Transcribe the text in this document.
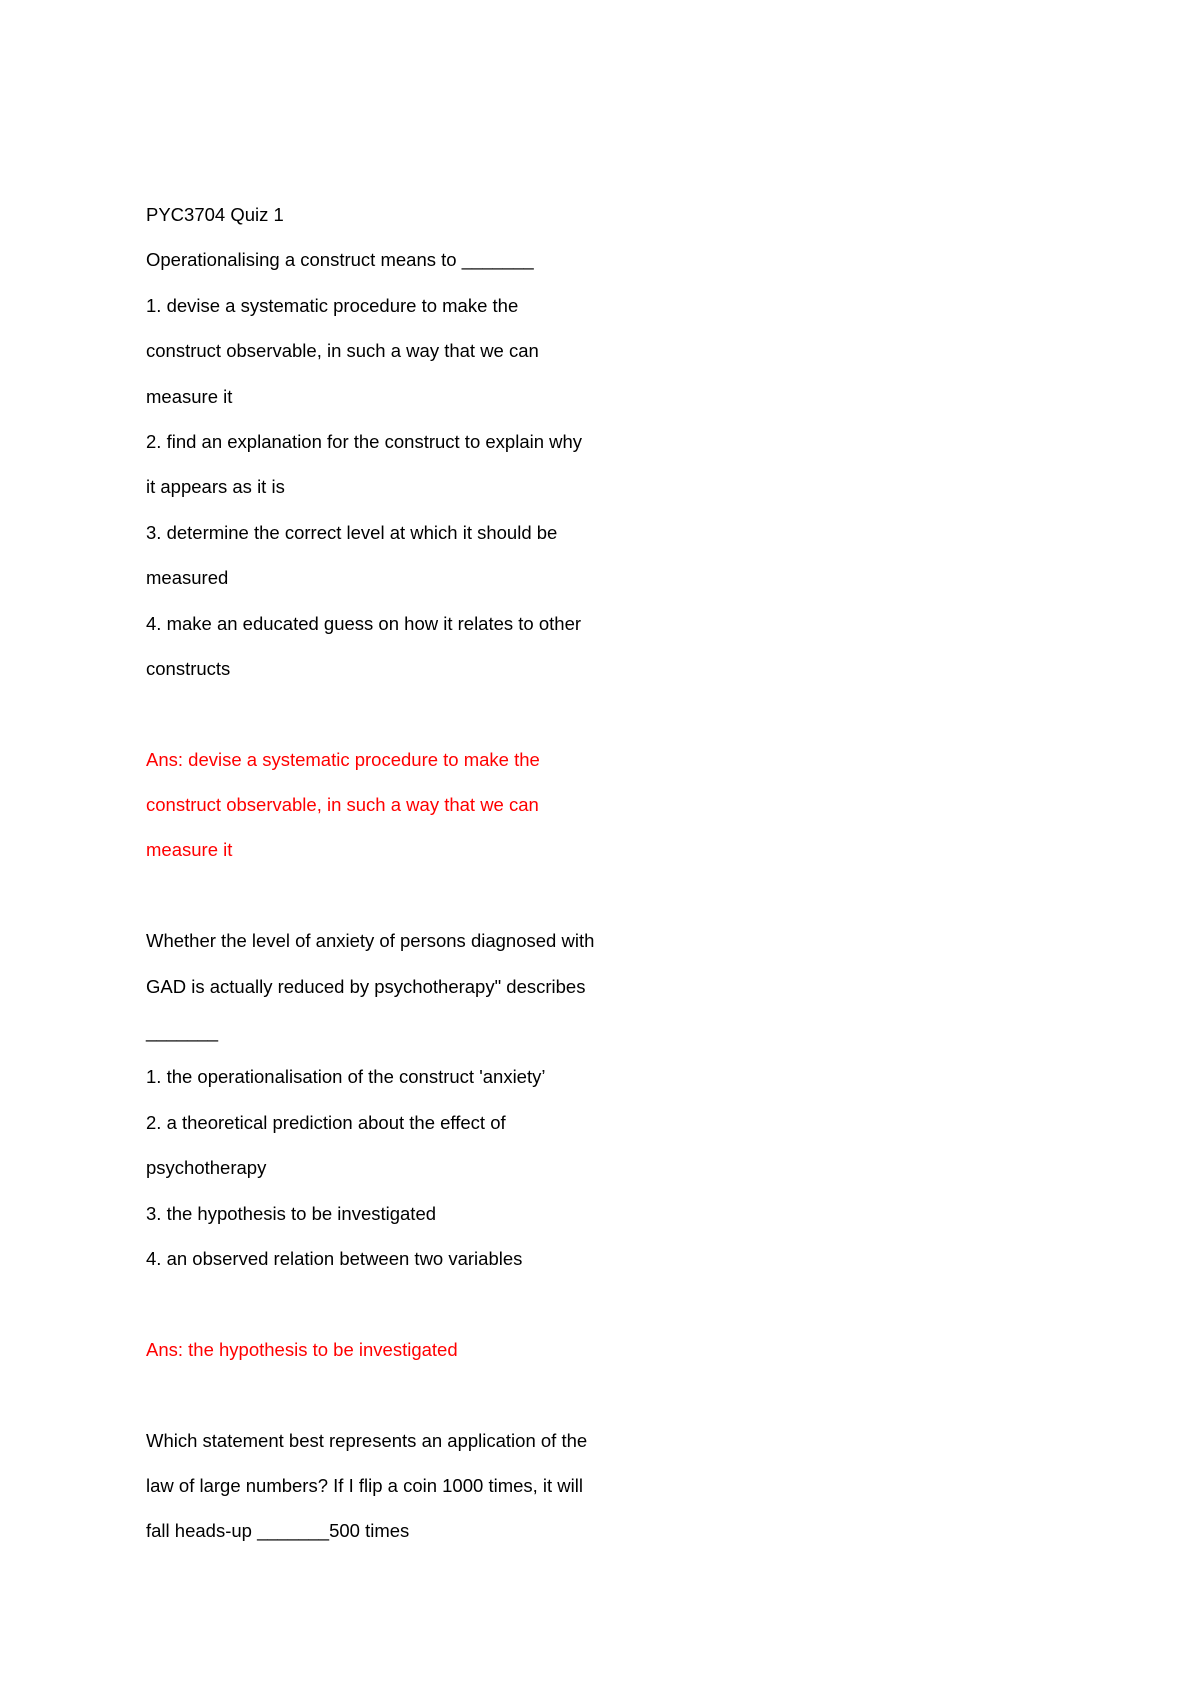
PYC3704 Quiz 1
Operationalising a construct means to _______
1. devise a systematic procedure to make the
construct observable, in such a way that we can
measure it
2. find an explanation for the construct to explain why
it appears as it is
3. determine the correct level at which it should be
measured
4. make an educated guess on how it relates to other
constructs
Ans: devise a systematic procedure to make the
construct observable, in such a way that we can
measure it
Whether the level of anxiety of persons diagnosed with
GAD is actually reduced by psychotherapy" describes
_______
1. the operationalisation of the construct 'anxiety’
2. a theoretical prediction about the effect of
psychotherapy
3. the hypothesis to be investigated
4. an observed relation between two variables
Ans: the hypothesis to be investigated
Which statement best represents an application of the
law of large numbers? If I flip a coin 1000 times, it will
fall heads-up _______500 times
